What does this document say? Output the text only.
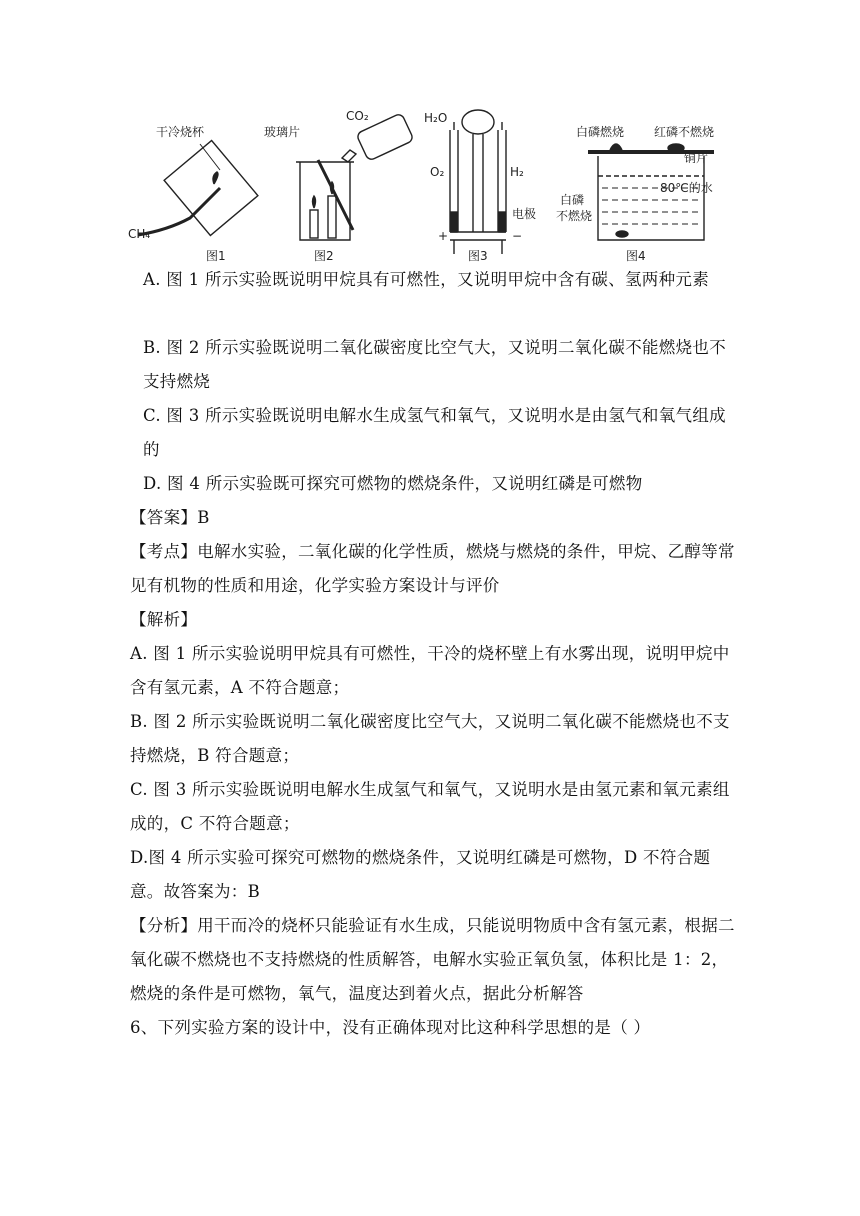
干冷烧杯
CH₄
图1
玻璃片
CO₂
图2
H₂O
O₂	H₂
电极
+	−
图3
白磷燃烧 红磷不燃烧
铜片
80℃的水
白磷
不燃烧
图4
A. 图 1 所示实验既说明甲烷具有可燃性，又说明甲烷中含有碳、氢两种元素
B. 图 2 所示实验既说明二氧化碳密度比空气大，又说明二氧化碳不能燃烧也不支持燃烧
C. 图 3 所示实验既说明电解水生成氢气和氧气，又说明水是由氢气和氧气组成的
D. 图 4 所示实验既可探究可燃物的燃烧条件，又说明红磷是可燃物
【答案】B
【考点】电解水实验，二氧化碳的化学性质，燃烧与燃烧的条件，甲烷、乙醇等常见有机物的性质和用途，化学实验方案设计与评价
【解析】
A. 图 1 所示实验说明甲烷具有可燃性，干冷的烧杯壁上有水雾出现，说明甲烷中含有氢元素，A 不符合题意；
B. 图 2 所示实验既说明二氧化碳密度比空气大，又说明二氧化碳不能燃烧也不支持燃烧，B 符合题意；
C. 图 3 所示实验既说明电解水生成氢气和氧气，又说明水是由氢元素和氧元素组成的，C 不符合题意；
D.图 4 所示实验可探究可燃物的燃烧条件，又说明红磷是可燃物，D 不符合题意。故答案为：B
【分析】用干而冷的烧杯只能验证有水生成，只能说明物质中含有氢元素，根据二氧化碳不燃烧也不支持燃烧的性质解答，电解水实验正氧负氢，体积比是 1：2，燃烧的条件是可燃物，氧气，温度达到着火点，据此分析解答
6、下列实验方案的设计中，没有正确体现对比这种科学思想的是（ ）
